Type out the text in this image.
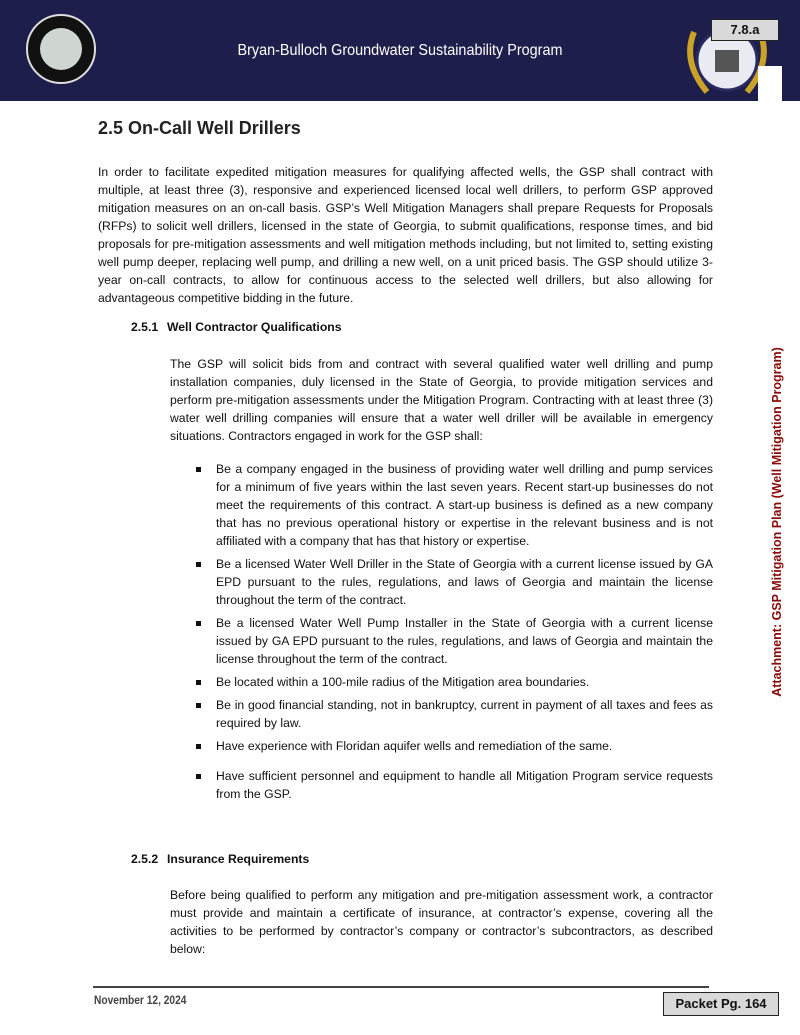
Bryan-Bulloch Groundwater Sustainability Program
7.8.a
2.5 On-Call Well Drillers

In order to facilitate expedited mitigation measures for qualifying affected wells, the GSP shall contract with multiple, at least three (3), responsive and experienced licensed local well drillers, to perform GSP approved mitigation measures on an on-call basis. GSP’s Well Mitigation Managers shall prepare Requests for Proposals (RFPs) to solicit well drillers, licensed in the state of Georgia, to submit qualifications, response times, and bid proposals for pre-mitigation assessments and well mitigation methods including, but not limited to, setting existing well pump deeper, replacing well pump, and drilling a new well, on a unit priced basis. The GSP should utilize 3-year on-call contracts, to allow for continuous access to the selected well drillers, but also allowing for advantageous competitive bidding in the future.

2.5.1 Well Contractor Qualifications

The GSP will solicit bids from and contract with several qualified water well drilling and pump installation companies, duly licensed in the State of Georgia, to provide mitigation services and perform pre-mitigation assessments under the Mitigation Program. Contracting with at least three (3) water well drilling companies will ensure that a water well driller will be available in emergency situations. Contractors engaged in work for the GSP shall:

Be a company engaged in the business of providing water well drilling and pump services for a minimum of five years within the last seven years. Recent start-up businesses do not meet the requirements of this contract. A start-up business is defined as a new company that has no previous operational history or expertise in the relevant business and is not affiliated with a company that has that history or expertise.
Be a licensed Water Well Driller in the State of Georgia with a current license issued by GA EPD pursuant to the rules, regulations, and laws of Georgia and maintain the license throughout the term of the contract.
Be a licensed Water Well Pump Installer in the State of Georgia with a current license issued by GA EPD pursuant to the rules, regulations, and laws of Georgia and maintain the license throughout the term of the contract.
Be located within a 100-mile radius of the Mitigation area boundaries.
Be in good financial standing, not in bankruptcy, current in payment of all taxes and fees as required by law.
Have experience with Floridan aquifer wells and remediation of the same.
Have sufficient personnel and equipment to handle all Mitigation Program service requests from the GSP.

2.5.2 Insurance Requirements

Before being qualified to perform any mitigation and pre-mitigation assessment work, a contractor must provide and maintain a certificate of insurance, at contractor’s expense, covering all the activities to be performed by contractor’s company or contractor’s subcontractors, as described below:

Attachment: GSP Mitigation Plan (Well Mitigation Program)
November 12, 2024	Packet Pg. 164
